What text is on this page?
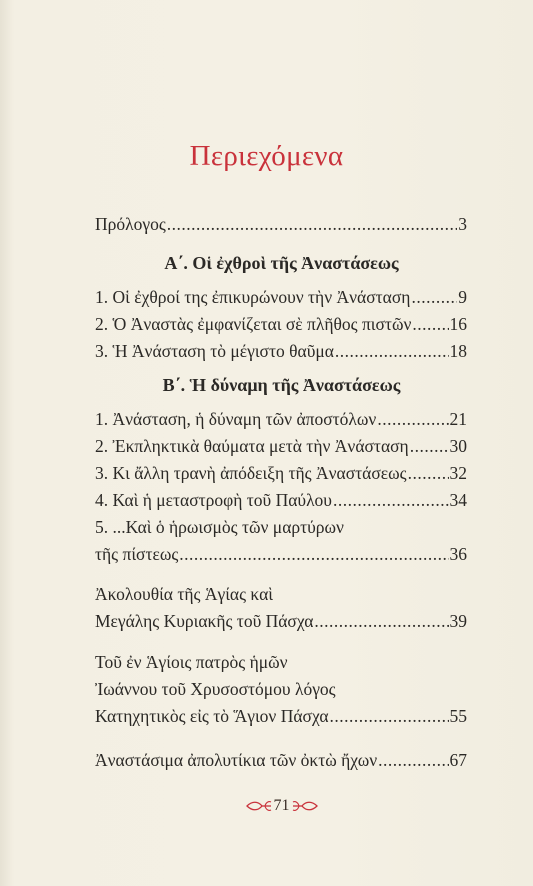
Περιεχόμενα
Πρόλογος .....	3
Α΄. Οἱ ἐχθροὶ τῆς Ἀναστάσεως
1. Οἱ ἐχθροί της ἐπικυρώνουν τὴν Ἀνάσταση .....	9
2. Ὁ Ἀναστὰς ἐμφανίζεται σὲ πλῆθος πιστῶν ..... 16
3. Ἡ Ἀνάσταση τὸ μέγιστο θαῦμα .....	18
Β΄. Ἡ δύναμη τῆς Ἀναστάσεως
1. Ἀνάσταση, ἡ δύναμη τῶν ἀποστόλων .....	21
2. Ἐκπληκτικὰ θαύματα μετὰ τὴν Ἀνάσταση ..... 30
3. Κι ἄλλη τρανὴ ἀπόδειξη τῆς Ἀναστάσεως ..... 32
4. Καὶ ἡ μεταστροφὴ τοῦ Παύλου .....	34
5. ...Καὶ ὁ ἡρωισμὸς τῶν μαρτύρων
τῆς πίστεως .....	36
Ἀκολουθία τῆς Ἁγίας καὶ
Μεγάλης Κυριακῆς τοῦ Πάσχα .....	39
Τοῦ ἐν Ἁγίοις πατρὸς ἡμῶν
Ἰωάννου τοῦ Χρυσοστόμου λόγος
Κατηχητικὸς εἰς τὸ Ἅγιον Πάσχα .....	55
Ἀναστάσιμα ἀπολυτίκια τῶν ὀκτὼ ἤχων .....	67
71
